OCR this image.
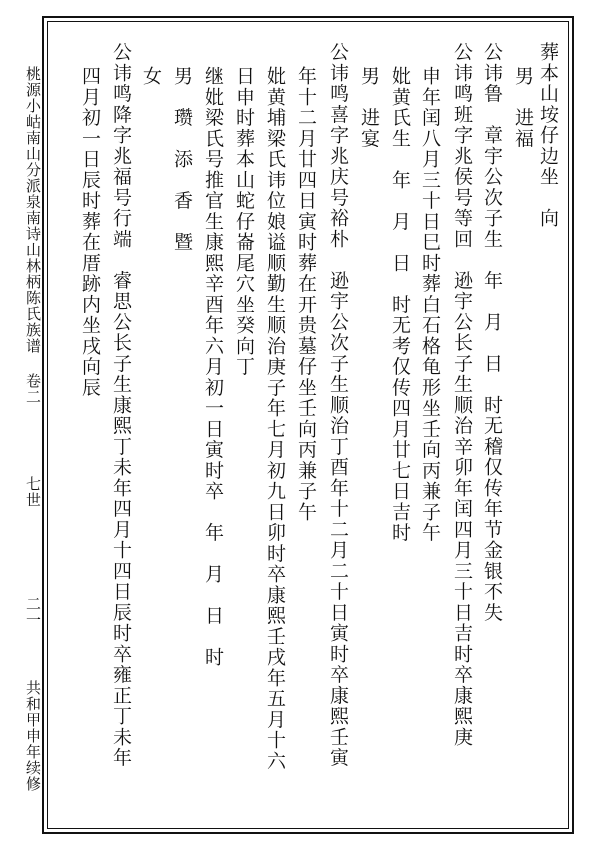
桃源小岵南山分派泉南诗山林柄陈氏族谱
卷二
七世
二一
共和甲申年续修
葬本山垵仔边坐　向
男　进福
公讳鲁　章宇公次子生　年　月　日　时无稽仅传年节金银不失
公讳鸣班字兆侯号等回　逊宇公长子生顺治辛卯年闰四月三十日吉时卒康熙庚
申年闰八月三十日巳时葬白石格龟形坐壬向丙兼子午
妣黄氏生　年　月　日　时无考仅传四月廿七日吉时
男　进宴
公讳鸣喜字兆庆号裕朴　逊宇公次子生顺治丁酉年十二月二十日寅时卒康熙壬寅
年十二月廿四日寅时葬在开贵墓仔坐壬向丙兼子午
妣黄埔梁氏讳位娘谥顺勤生顺治庚子年七月初九日卯时卒康熙壬戌年五月十六
日申时葬本山蛇仔崙尾穴坐癸向丁
继妣梁氏号推官生康熙辛酉年六月初一日寅时卒　年　月　日　时
男　瓒　添　香　暨
女
公讳鸣降字兆福号行端　睿思公长子生康熙丁未年四月十四日辰时卒雍正丁未年
四月初一日辰时葬在厝跡内坐戌向辰
